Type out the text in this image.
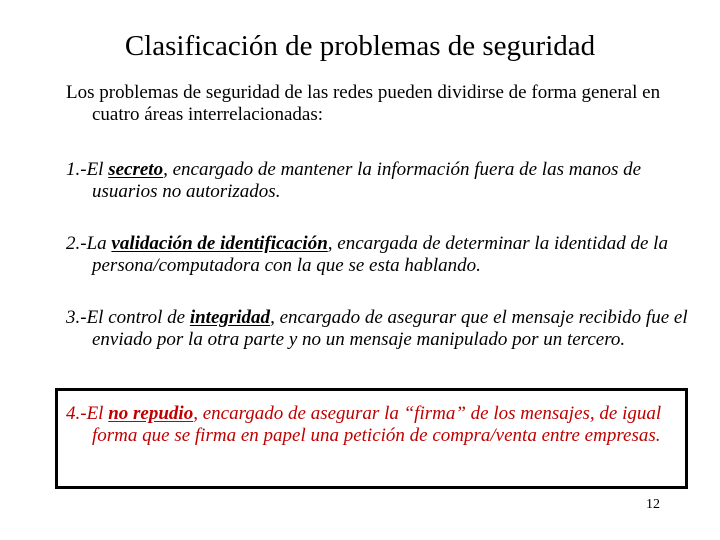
Clasificación de problemas de seguridad
Los problemas de seguridad de las redes pueden dividirse de forma general en cuatro áreas interrelacionadas:
1.-El secreto, encargado de mantener la información fuera de las manos de usuarios no autorizados.
2.-La validación de identificación, encargada de determinar la identidad de la persona/computadora con la que se esta hablando.
3.-El control de integridad, encargado de asegurar que el mensaje recibido fue el enviado por la otra parte y no un mensaje manipulado por un tercero.
4.-El no repudio, encargado de asegurar la “firma” de los mensajes, de igual forma que se firma en papel una petición de compra/venta entre empresas.
12
